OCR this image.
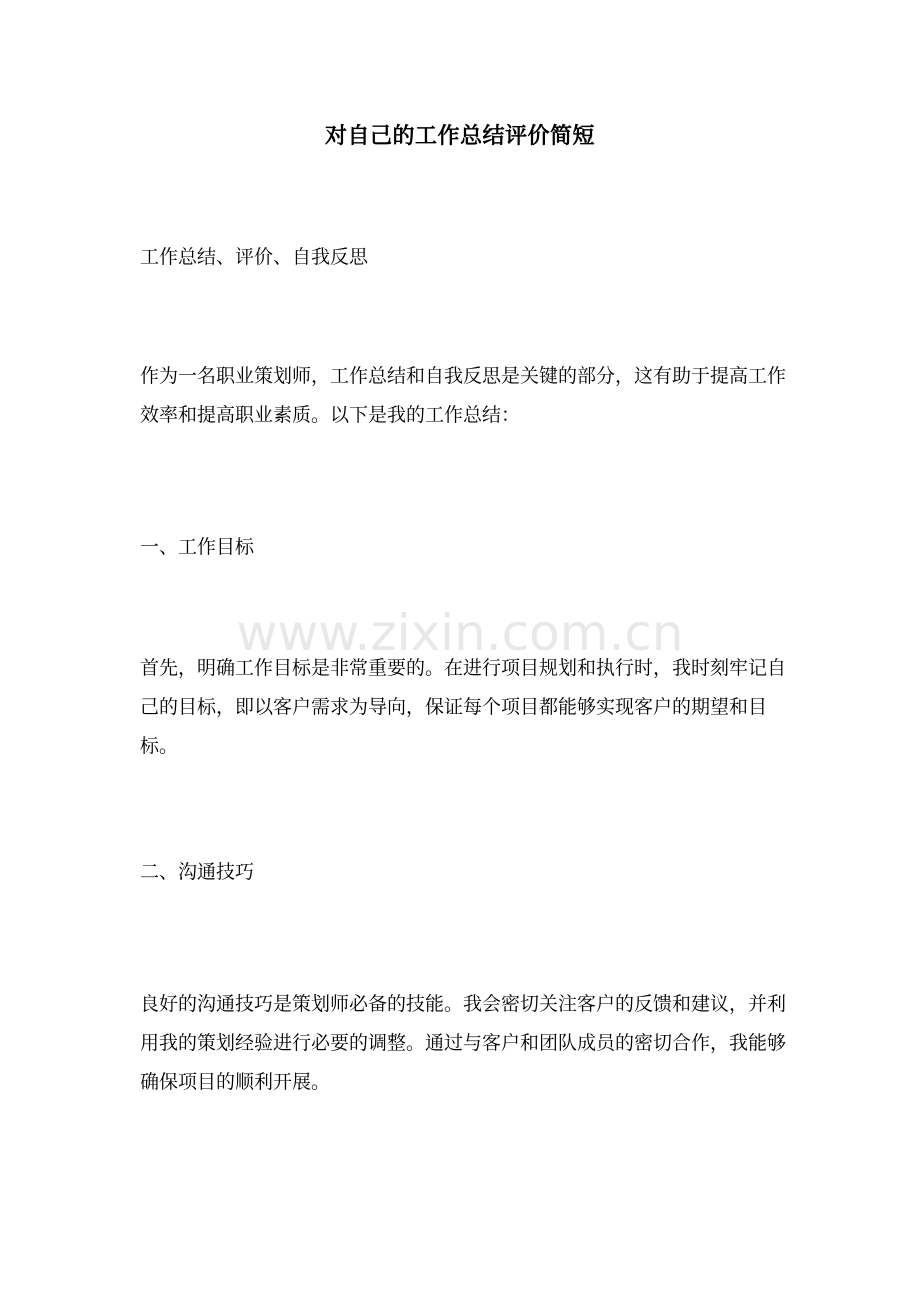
对自己的工作总结评价简短

工作总结、评价、自我反思

作为一名职业策划师，工作总结和自我反思是关键的部分，这有助于提高工作效率和提高职业素质。以下是我的工作总结：

一、工作目标

首先，明确工作目标是非常重要的。在进行项目规划和执行时，我时刻牢记自己的目标，即以客户需求为导向，保证每个项目都能够实现客户的期望和目标。

二、沟通技巧

良好的沟通技巧是策划师必备的技能。我会密切关注客户的反馈和建议，并利用我的策划经验进行必要的调整。通过与客户和团队成员的密切合作，我能够确保项目的顺利开展。

www.zixin.com.cn
